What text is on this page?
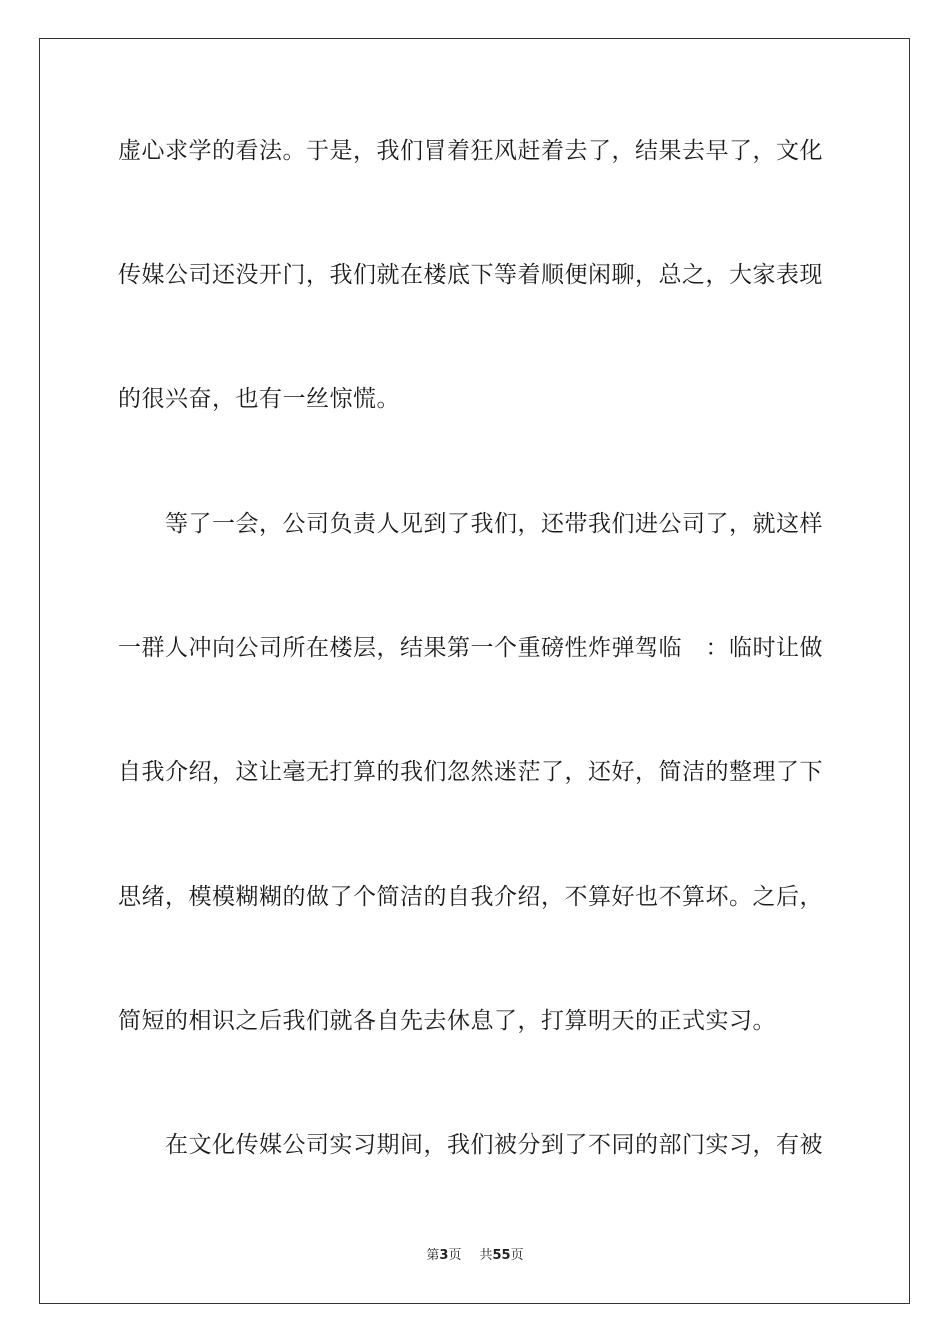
虚心求学的看法。于是，我们冒着狂风赶着去了，结果去早了，文化
传媒公司还没开门，我们就在楼底下等着顺便闲聊，总之，大家表现
的很兴奋，也有一丝惊慌。
等了一会，公司负责人见到了我们，还带我们进公司了，就这样
一群人冲向公司所在楼层，结果第一个重磅性炸弹驾临　：临时让做
自我介绍，这让毫无打算的我们忽然迷茫了，还好，简洁的整理了下
思绪，模模糊糊的做了个简洁的自我介绍，不算好也不算坏。之后，
简短的相识之后我们就各自先去休息了，打算明天的正式实习。
在文化传媒公司实习期间，我们被分到了不同的部门实习，有被
第3页 共55页
